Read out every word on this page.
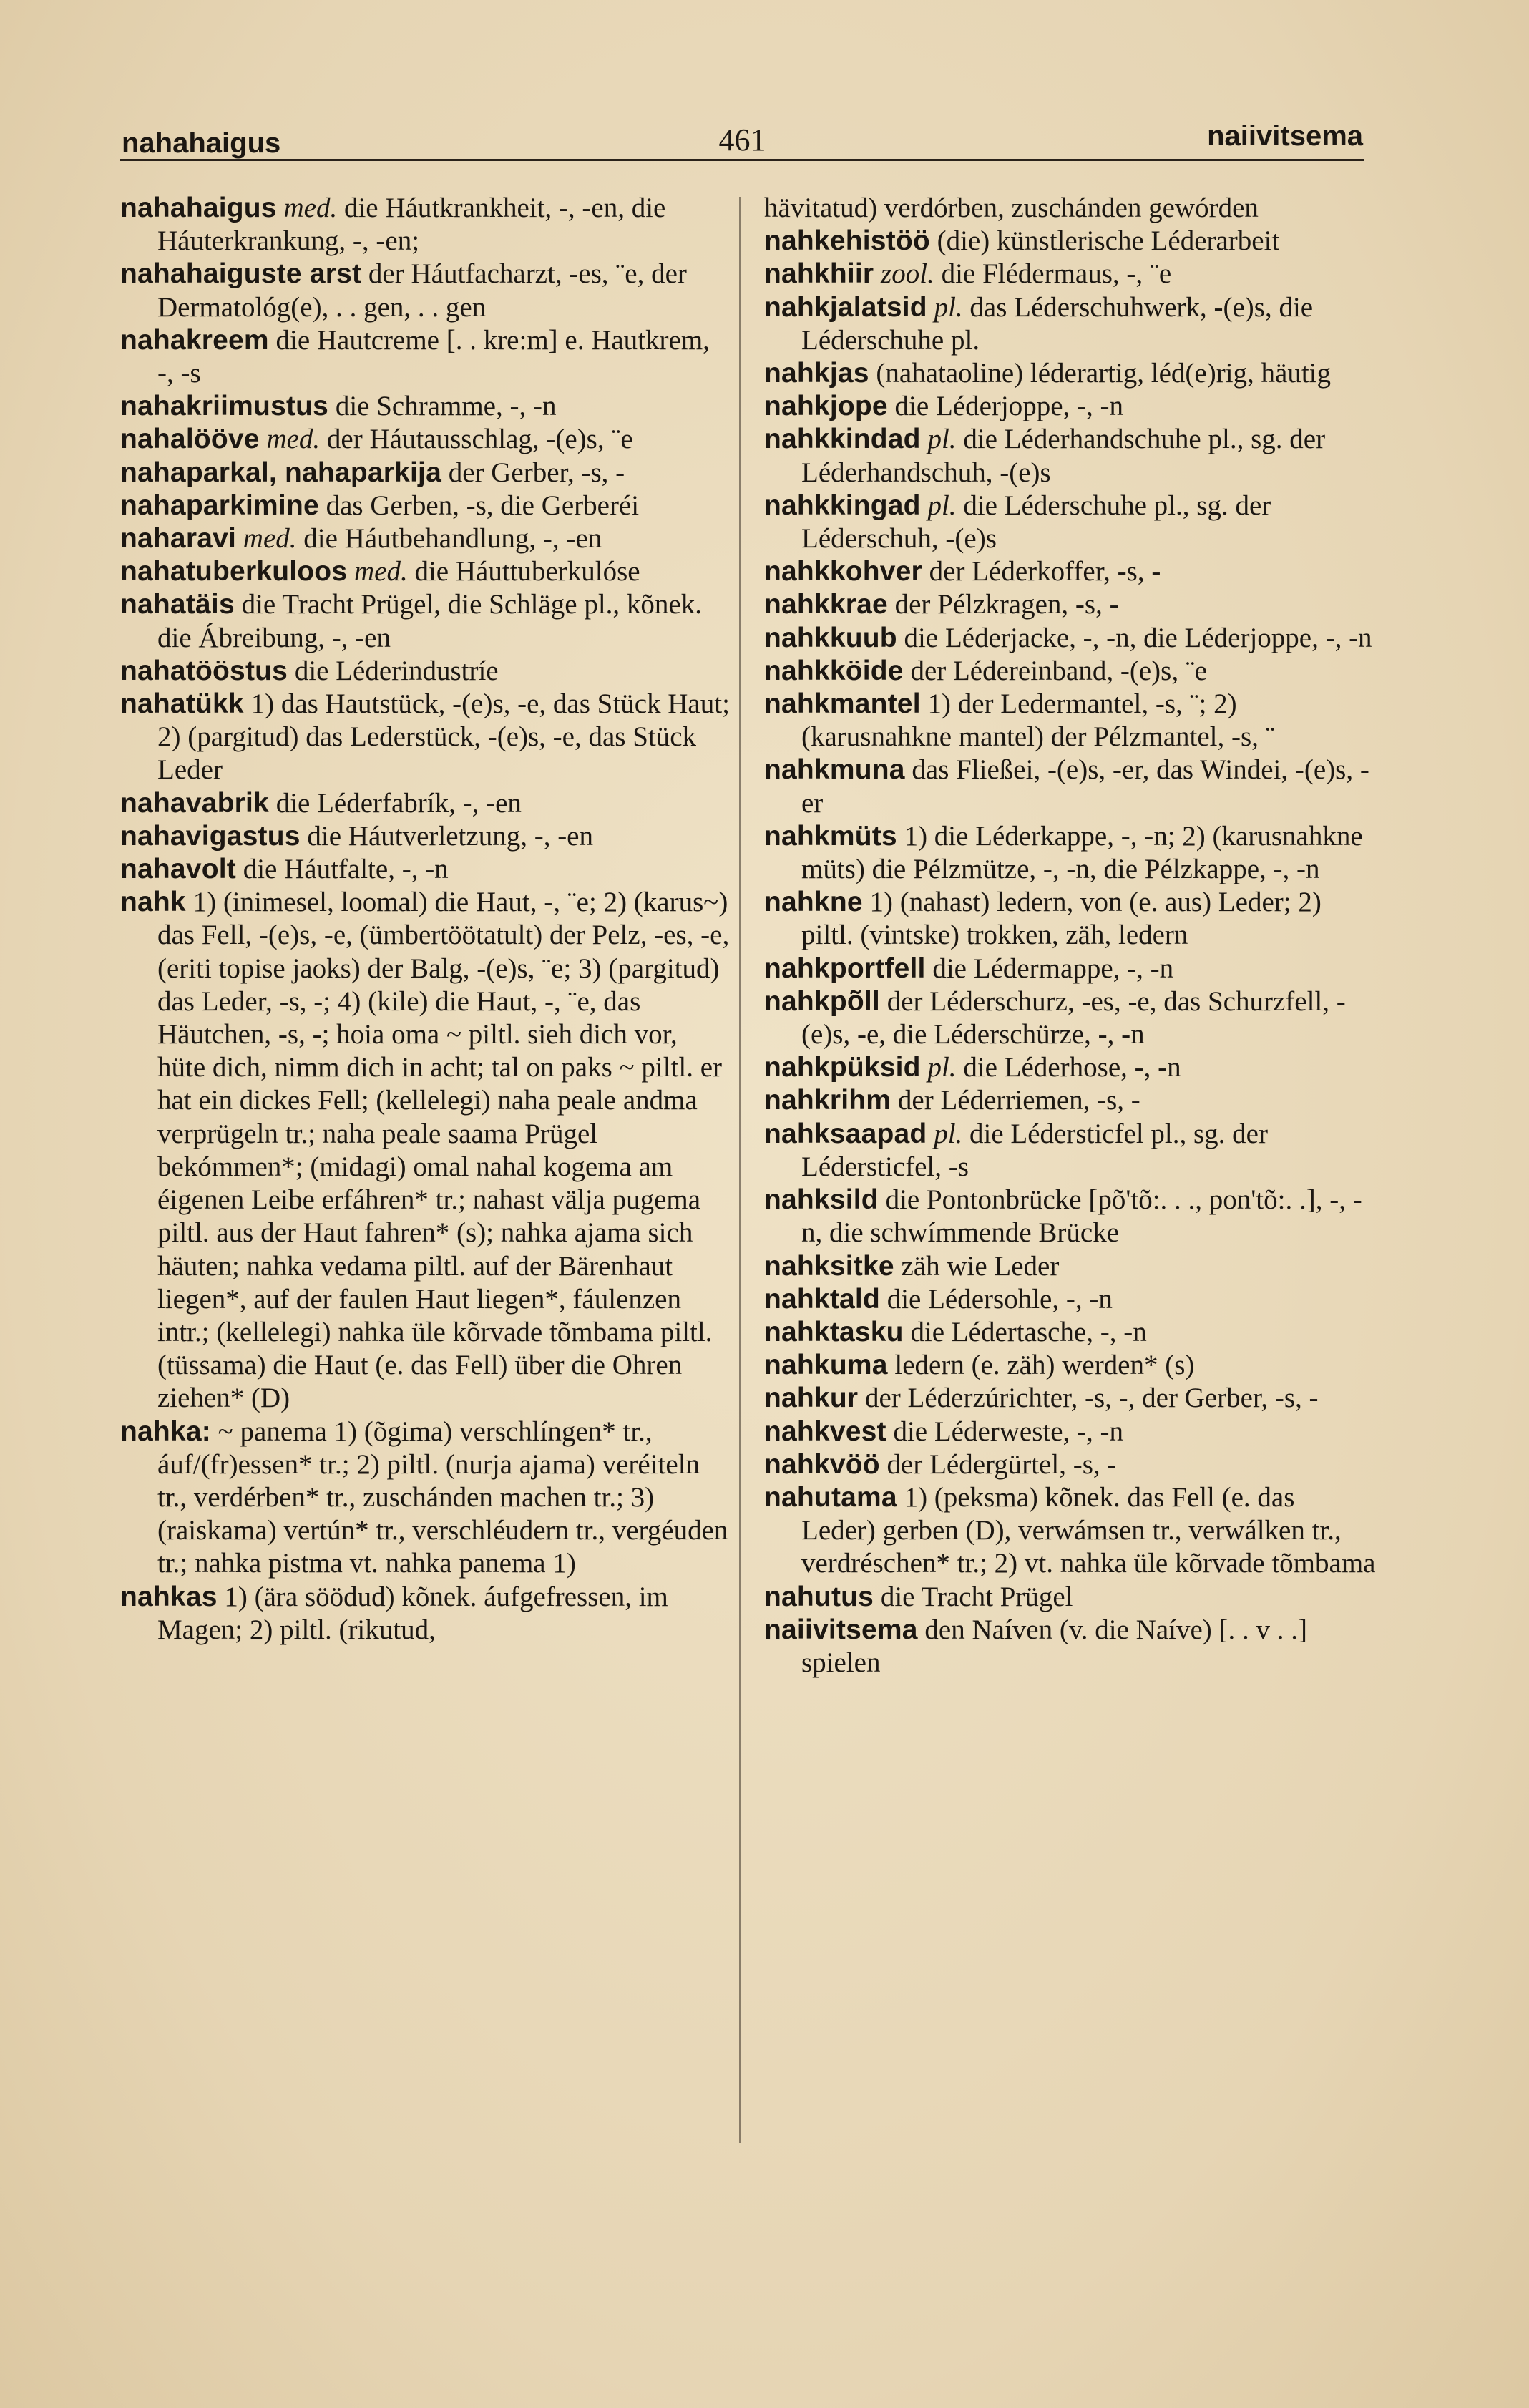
nahahaigus	461	naiivitsema

nahahaigus med. die Háutkrankheit, -, -en, die Háuterkrankung, -, -en;

nahahaiguste arst der Háutfacharzt, -es, ¨e, der Dermatológ(e), . . gen, . . gen

nahakreem die Hautcreme [. . kre:m] e. Hautkrem, -, -s

nahakriimustus die Schramme, -, -n

nahalööve med. der Háutausschlag, -(e)s, ¨e

nahaparkal, nahaparkija der Gerber, -s, -

nahaparkimine das Gerben, -s, die Gerberéi

naharavi med. die Háutbehandlung, -, -en

nahatuberkuloos med. die Háuttuberkulóse

nahatäis die Tracht Prügel, die Schläge pl., kõnek. die Ábreibung, -, -en

nahatööstus die Léderindustríe

nahatükk 1) das Hautstück, -(e)s, -e, das Stück Haut; 2) (pargitud) das Lederstück, -(e)s, -e, das Stück Leder

nahavabrik die Léderfabrík, -, -en

nahavigastus die Háutverletzung, -, -en

nahavolt die Háutfalte, -, -n

nahk 1) (inimesel, loomal) die Haut, -, ¨e; 2) (karus~) das Fell, -(e)s, -e, (ümbertöötatult) der Pelz, -es, -e, (eriti topise jaoks) der Balg, -(e)s, ¨e; 3) (pargitud) das Leder, -s, -; 4) (kile) die Haut, -, ¨e, das Häutchen, -s, -; hoia oma ~ piltl. sieh dich vor, hüte dich, nimm dich in acht; tal on paks ~ piltl. er hat ein dickes Fell; (kellelegi) naha peale andma verprügeln tr.; naha peale saama Prügel bekómmen*; (midagi) omal nahal kogema am éigenen Leibe erfáhren* tr.; nahast välja pugema piltl. aus der Haut fahren* (s); nahka ajama sich häuten; nahka vedama piltl. auf der Bärenhaut liegen*, auf der faulen Haut liegen*, fáulenzen intr.; (kellelegi) nahka üle kõrvade tõmbama piltl. (tüssama) die Haut (e. das Fell) über die Ohren ziehen* (D)

nahka: ~ panema 1) (õgima) verschlíngen* tr., áuf/(fr)essen* tr.; 2) piltl. (nurja ajama) veréiteln tr., verdérben* tr., zuschánden machen tr.; 3) (raiskama) vertún* tr., verschléudern tr., vergéuden tr.; nahka pistma vt. nahka panema 1)

nahkas 1) (ära söödud) kõnek. áufgefressen, im Magen; 2) piltl. (rikutud,

hävitatud) verdórben, zuschánden gewórden

nahkehistöö (die) künstlerische Léderarbeit

nahkhiir zool. die Flédermaus, -, ¨e

nahkjalatsid pl. das Léderschuhwerk, -(e)s, die Léderschuhe pl.

nahkjas (nahataoline) léderartig, léd(e)rig, häutig

nahkjope die Léderjoppe, -, -n

nahkkindad pl. die Léderhandschuhe pl., sg. der Léderhandschuh, -(e)s

nahkkingad pl. die Léderschuhe pl., sg. der Léderschuh, -(e)s

nahkkohver der Léderkoffer, -s, -

nahkkrae der Pélzkragen, -s, -

nahkkuub die Léderjacke, -, -n, die Léderjoppe, -, -n

nahkköide der Lédereinband, -(e)s, ¨e

nahkmantel 1) der Ledermantel, -s, ¨; 2) (karusnahkne mantel) der Pélzmantel, -s, ¨

nahkmuna das Fließei, -(e)s, -er, das Windei, -(e)s, -er

nahkmüts 1) die Léderkappe, -, -n; 2) (karusnahkne müts) die Pélzmütze, -, -n, die Pélzkappe, -, -n

nahkne 1) (nahast) ledern, von (e. aus) Leder; 2) piltl. (vintske) trokken, zäh, ledern

nahkportfell die Lédermappe, -, -n

nahkpõll der Léderschurz, -es, -e, das Schurzfell, -(e)s, -e, die Léderschürze, -, -n

nahkpüksid pl. die Léderhose, -, -n

nahkrihm der Léderriemen, -s, -

nahksaapad pl. die Lédersticfel pl., sg. der Lédersticfel, -s

nahksild die Pontonbrücke [põ'tõ:. . ., pon'tõ:. .], -, -n, die schwímmende Brücke

nahksitke zäh wie Leder

nahktald die Lédersohle, -, -n

nahktasku die Lédertasche, -, -n

nahkuma ledern (e. zäh) werden* (s)

nahkur der Léderzúrichter, -s, -, der Gerber, -s, -

nahkvest die Léderweste, -, -n

nahkvöö der Lédergürtel, -s, -

nahutama 1) (peksma) kõnek. das Fell (e. das Leder) gerben (D), verwámsen tr., verwálken tr., verdréschen* tr.; 2) vt. nahka üle kõrvade tõmbama

nahutus die Tracht Prügel

naiivitsema den Naíven (v. die Naíve) [. . v . .] spielen
